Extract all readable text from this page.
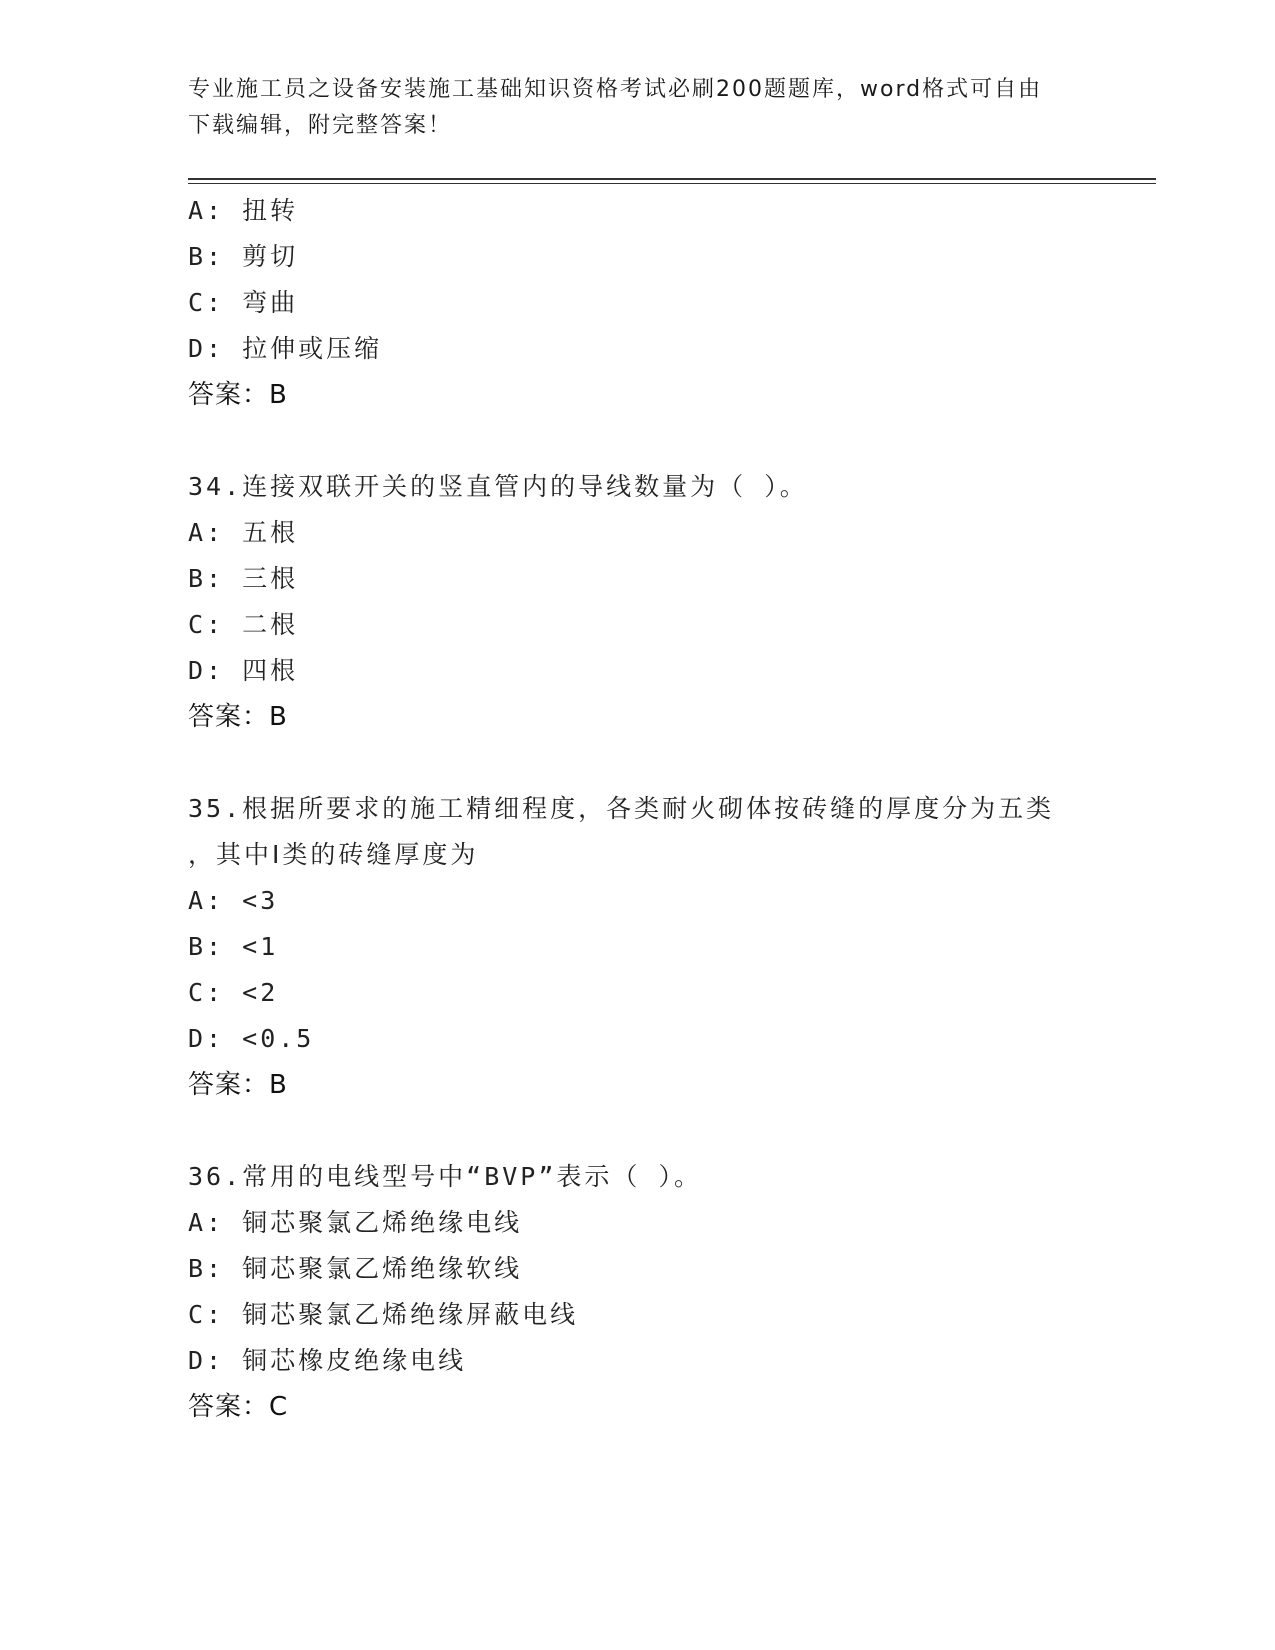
专业施工员之设备安装施工基础知识资格考试必刷200题题库，word格式可自由
下载编辑，附完整答案！
A: 扭转
B: 剪切
C: 弯曲
D: 拉伸或压缩
答案：B
34.连接双联开关的竖直管内的导线数量为（ ）。
A: 五根
B: 三根
C: 二根
D: 四根
答案：B
35.根据所要求的施工精细程度，各类耐火砌体按砖缝的厚度分为五类
，其中Ⅰ类的砖缝厚度为
A: <3
B: <1
C: <2
D: <0.5
答案：B
36.常用的电线型号中“BVP”表示（ ）。
A: 铜芯聚氯乙烯绝缘电线
B: 铜芯聚氯乙烯绝缘软线
C: 铜芯聚氯乙烯绝缘屏蔽电线
D: 铜芯橡皮绝缘电线
答案：C
